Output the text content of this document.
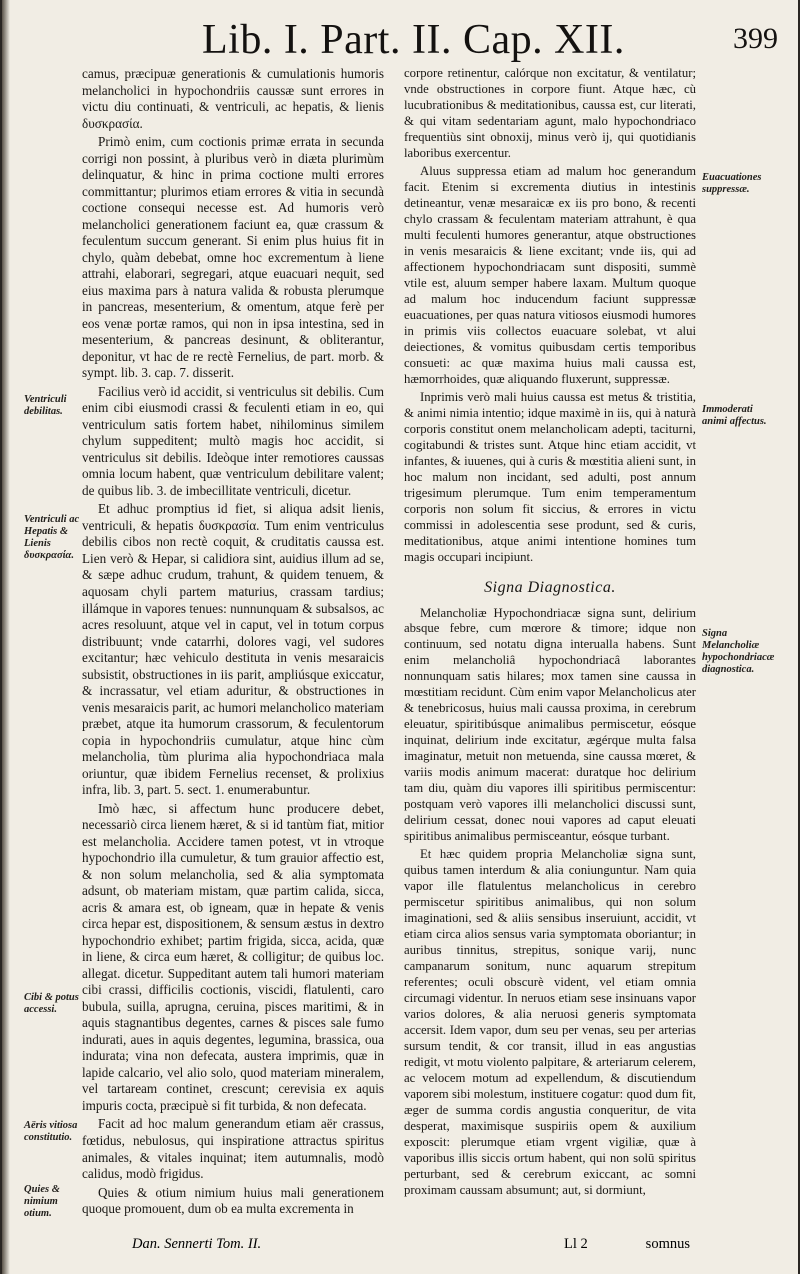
Lib. I. Part. II. Cap. XII.	399

camus, præcipuæ generationis & cumulationis humoris melancholici in hypochondriis caussæ sunt errores in victu diu continuati, & ventriculi, ac hepatis, & lienis δυσκρασία.

Primò enim, cum coctionis primæ errata in secunda corrigi non possint, à pluribus verò in diæta plurimùm delinquatur, & hinc in prima coctione multi errores committantur; plurimos etiam errores & vitia in secundà coctione consequi necesse est. Ad humoris verò melancholici generationem faciunt ea, quæ crassum & feculentum succum generant. Si enim plus huius fit in chylo, quàm debebat, omne hoc excrementum à liene attrahi, elaborari, segregari, atque euacuari nequit, sed eius maxima pars à natura valida & robusta plerumque in pancreas, mesenterium, & omentum, atque ferè per eos venæ portæ ramos, qui non in ipsa intestina, sed in mesenterium, & pancreas desinunt, & obliterantur, deponitur, vt hac de re rectè Fernelius, de part. morb. & sympt. lib. 3. cap. 7. disserit.

Facilius verò id accidit, si ventriculus sit debilis. Cum enim cibi eiusmodi crassi & feculenti etiam in eo, qui ventriculum satis fortem habet, nihilominus similem chylum suppeditent; multò magis hoc accidit, si ventriculus sit debilis. Ideòque inter remotiores caussas omnia locum habent, quæ ventriculum debilitare valent; de quibus lib. 3. de imbecillitate ventriculi, dicetur.

Et adhuc promptius id fiet, si aliqua adsit lienis, ventriculi, & hepatis δυσκρασία. Tum enim ventriculus debilis cibos non rectè coquit, & cruditatis caussa est. Lien verò & Hepar, si calidiora sint, auidius illum ad se, & sæpe adhuc crudum, trahunt, & quidem tenuem, & aquosam chyli partem maturius, crassam tardius; illámque in vapores tenues: nunnunquam & subsalsos, ac acres resoluunt, atque vel in caput, vel in totum corpus distribuunt; vnde catarrhi, dolores vagi, vel sudores excitantur; hæc vehiculo destituta in venis mesaraicis subsistit, obstructiones in iis parit, ampliúsque exiccatur, & incrassatur, vel etiam aduritur, & obstructiones in venis mesaraicis parit, ac humori melancholico materiam præbet, atque ita humorum crassorum, & feculentorum copia in hypochondriis cumulatur, atque hinc cùm melancholia, tùm plurima alia hypochondriaca mala oriuntur, quæ ibidem Fernelius recenset, & prolixius infra, lib. 3, part. 5. sect. 1. enumerabuntur.

Imò hæc, si affectum hunc producere debet, necessariò circa lienem hæret, & si id tantùm fiat, mitior est melancholia. Accidere tamen potest, vt in vtroque hypochondrio illa cumuletur, & tum grauior affectio est, & non solum melancholia, sed & alia symptomata adsunt, ob materiam mistam, quæ partim calida, sicca, acris & amara est, ob igneam, quæ in hepate & venis circa hepar est, dispositionem, & sensum æstus in dextro hypochondrio exhibet; partim frigida, sicca, acida, quæ in liene, & circa eum hæret, & colligitur; de quibus loc. allegat. dicetur. Suppeditant autem tali humori materiam cibi crassi, difficilis coctionis, viscidi, flatulenti, caro bubula, suilla, aprugna, ceruina, pisces maritimi, & in aquis stagnantibus degentes, carnes & pisces sale fumo indurati, aues in aquis degentes, legumina, brassica, oua indurata; vina non defecata, austera imprimis, quæ in lapide calcario, vel alio solo, quod materiam mineralem, vel tartaream continet, crescunt; cerevisia ex aquis impuris cocta, præcipuè si fit turbida, & non defecata.

Facit ad hoc malum generandum etiam aër crassus, fœtidus, nebulosus, qui inspiratione attractus spiritus animales, & vitales inquinat; item autumnalis, modò calidus, modò frigidus.

Quies & otium nimium huius mali generationem quoque promouent, dum ob ea multa excrementa in

corpore retinentur, calórque non excitatur, & ventilatur; vnde obstructiones in corpore fiunt. Atque hæc, cù lucubrationibus & meditationibus, caussa est, cur literati, & qui vitam sedentariam agunt, malo hypochondriaco frequentiùs sint obnoxij, minus verò ij, qui quotidianis laboribus exercentur.

Aluus suppressa etiam ad malum hoc generandum facit. Etenim si excrementa diutius in intestinis detineantur, venæ mesaraicæ ex iis pro bono, & recenti chylo crassam & feculentam materiam attrahunt, è qua multi feculenti humores generantur, atque obstructiones in venis mesaraicis & liene excitant; vnde iis, qui ad affectionem hypochondriacam sunt dispositi, summè vtile est, aluum semper habere laxam. Multum quoque ad malum hoc inducendum faciunt suppressæ euacuationes, per quas natura vitiosos eiusmodi humores in primis viis collectos euacuare solebat, vt alui deiectiones, & vomitus quibusdam certis temporibus consueti: ac quæ maxima huius mali caussa est, hæmorrhoides, quæ aliquando fluxerunt, suppressæ.

Inprimis verò mali huius caussa est metus & tristitia, & animi nimia intentio; idque maximè in iis, qui à naturà corporis constitut onem melancholicam adepti, taciturni, cogitabundi & tristes sunt. Atque hinc etiam accidit, vt infantes, & iuuenes, qui à curis & mœstitia alieni sunt, in hoc malum non incidant, sed adulti, post annum trigesimum plerumque. Tum enim temperamentum corporis non solum fit siccius, & errores in victu commissi in adolescentia sese produnt, sed & curis, meditationibus, atque animi intentione homines tum magis occupari incipiunt.

Signa Diagnostica.

Melancholiæ Hypochondriacæ signa sunt, delirium absque febre, cum mœrore & timore; idque non continuum, sed notatu digna interualla habens. Sunt enim melancholiâ hypochondriacâ laborantes nonnunquam satis hilares; mox tamen sine caussa in mœstitiam recidunt. Cùm enim vapor Melancholicus ater & tenebricosus, huius mali caussa proxima, in cerebrum eleuatur, spiritibúsque animalibus permiscetur, eósque inquinat, delirium inde excitatur, ægérque multa falsa imaginatur, metuit non metuenda, sine caussa mœret, & variis modis animum macerat: duratque hoc delirium tam diu, quàm diu vapores illi spiritibus permiscentur: postquam verò vapores illi melancholici discussi sunt, delirium cessat, donec noui vapores ad caput eleuati spiritibus animalibus permisceantur, eósque turbant.

Et hæc quidem propria Melancholiæ signa sunt, quibus tamen interdum & alia coniunguntur. Nam quia vapor ille flatulentus melancholicus in cerebro permiscetur spiritibus animalibus, qui non solum imaginationi, sed & aliis sensibus inseruiunt, accidit, vt etiam circa alios sensus varia symptomata oboriantur; in auribus tinnitus, strepitus, sonique varij, nunc campanarum sonitum, nunc aquarum strepitum referentes; oculi obscurè vident, vel etiam omnia circumagi videntur. In neruos etiam sese insinuans vapor varios dolores, & alia neruosi generis symptomata accersit. Idem vapor, dum seu per venas, seu per arterias sursum tendit, & cor transit, illud in eas angustias redigit, vt motu violento palpitare, & arteriarum celerem, ac velocem motum ad expellendum, & discutiendum vaporem sibi molestum, instituere cogatur: quod dum fit, æger de summa cordis angustia conqueritur, de vita desperat, maximisque suspiriis opem & auxilium exposcit: plerumque etiam vrgent vigiliæ, quæ à vaporibus illis siccis ortum habent, qui non solū spiritus perturbant, sed & cerebrum exiccant, ac somni proximam caussam absumunt; aut, si dormiunt,

Ventriculi debilitas.
Ventriculi ac Hepatis & Lienis δυσκρασία.
Cibi & potus accessi.
Aëris vitiosa constitutio.
Quies & nimium otium.
Euacuationes suppressæ.
Immoderati animi affectus.
Signa Melancholiæ hypochondriacæ diagnostica.
Dan. Sennerti Tom. II.	Ll 2	somnus
